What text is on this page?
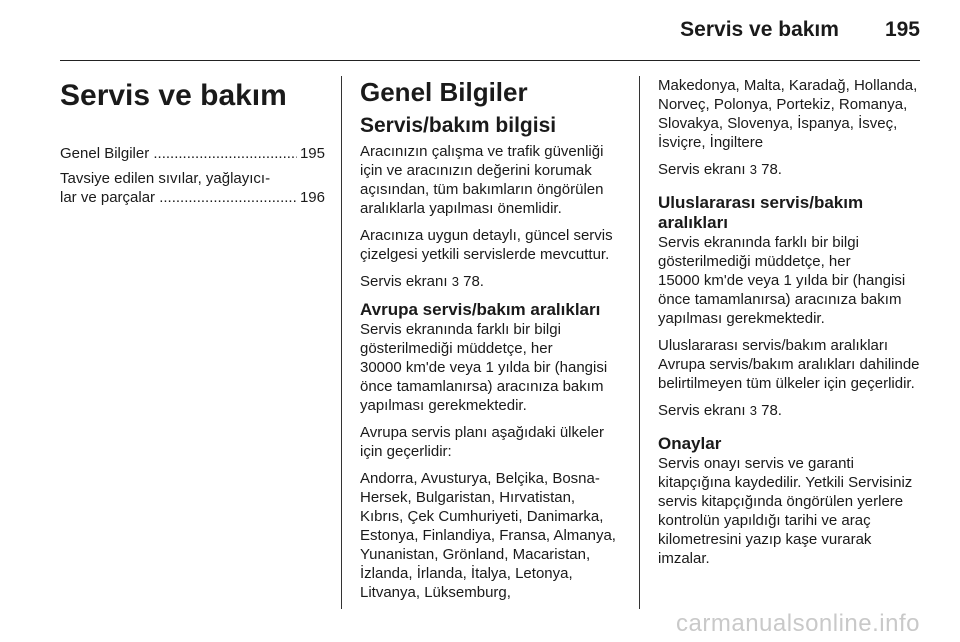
Servis ve bakım 195
Servis ve bakım
Genel Bilgiler .....	195
Tavsiye edilen sıvılar, yağlayıcı-
lar ve parçalar .....	196
Genel Bilgiler
Servis/bakım bilgisi

Aracınızın çalışma ve trafik güvenliği için ve aracınızın değerini korumak açısından, tüm bakımların öngörülen aralıklarla yapılması önemlidir.

Aracınıza uygun detaylı, güncel servis çizelgesi yetkili servislerde mevcuttur.

Servis ekranı 3 78.

Avrupa servis/bakım aralıkları

Servis ekranında farklı bir bilgi gösterilmediği müddetçe, her

30000 km'de veya 1 yılda bir (hangisi önce tamamlanırsa) aracınıza bakım yapılması gerekmektedir.

Avrupa servis planı aşağıdaki ülkeler için geçerlidir:

Andorra, Avusturya, Belçika, Bosna-Hersek, Bulgaristan, Hırvatistan, Kıbrıs, Çek Cumhuriyeti, Danimarka, Estonya, Finlandiya, Fransa, Almanya, Yunanistan, Grönland, Macaristan, İzlanda, İrlanda, İtalya, Letonya, Litvanya, Lüksemburg,

Makedonya, Malta, Karadağ, Hollanda, Norveç, Polonya, Portekiz, Romanya, Slovakya, Slovenya, İspanya, İsveç, İsviçre, İngiltere

Servis ekranı 3 78.

Uluslararası servis/bakım
aralıkları

Servis ekranında farklı bir bilgi gösterilmediği müddetçe, her

15000 km'de veya 1 yılda bir (hangisi önce tamamlanırsa) aracınıza bakım yapılması gerekmektedir.

Uluslararası servis/bakım aralıkları Avrupa servis/bakım aralıkları dahilinde belirtilmeyen tüm ülkeler için geçerlidir.

Servis ekranı 3 78.

Onaylar

Servis onayı servis ve garanti kitapçığına kaydedilir. Yetkili Servisiniz servis kitapçığında öngörülen yerlere kontrolün yapıldığı tarihi ve araç kilometresini yazıp kaşe vurarak imzalar.

carmanualsonline.info
